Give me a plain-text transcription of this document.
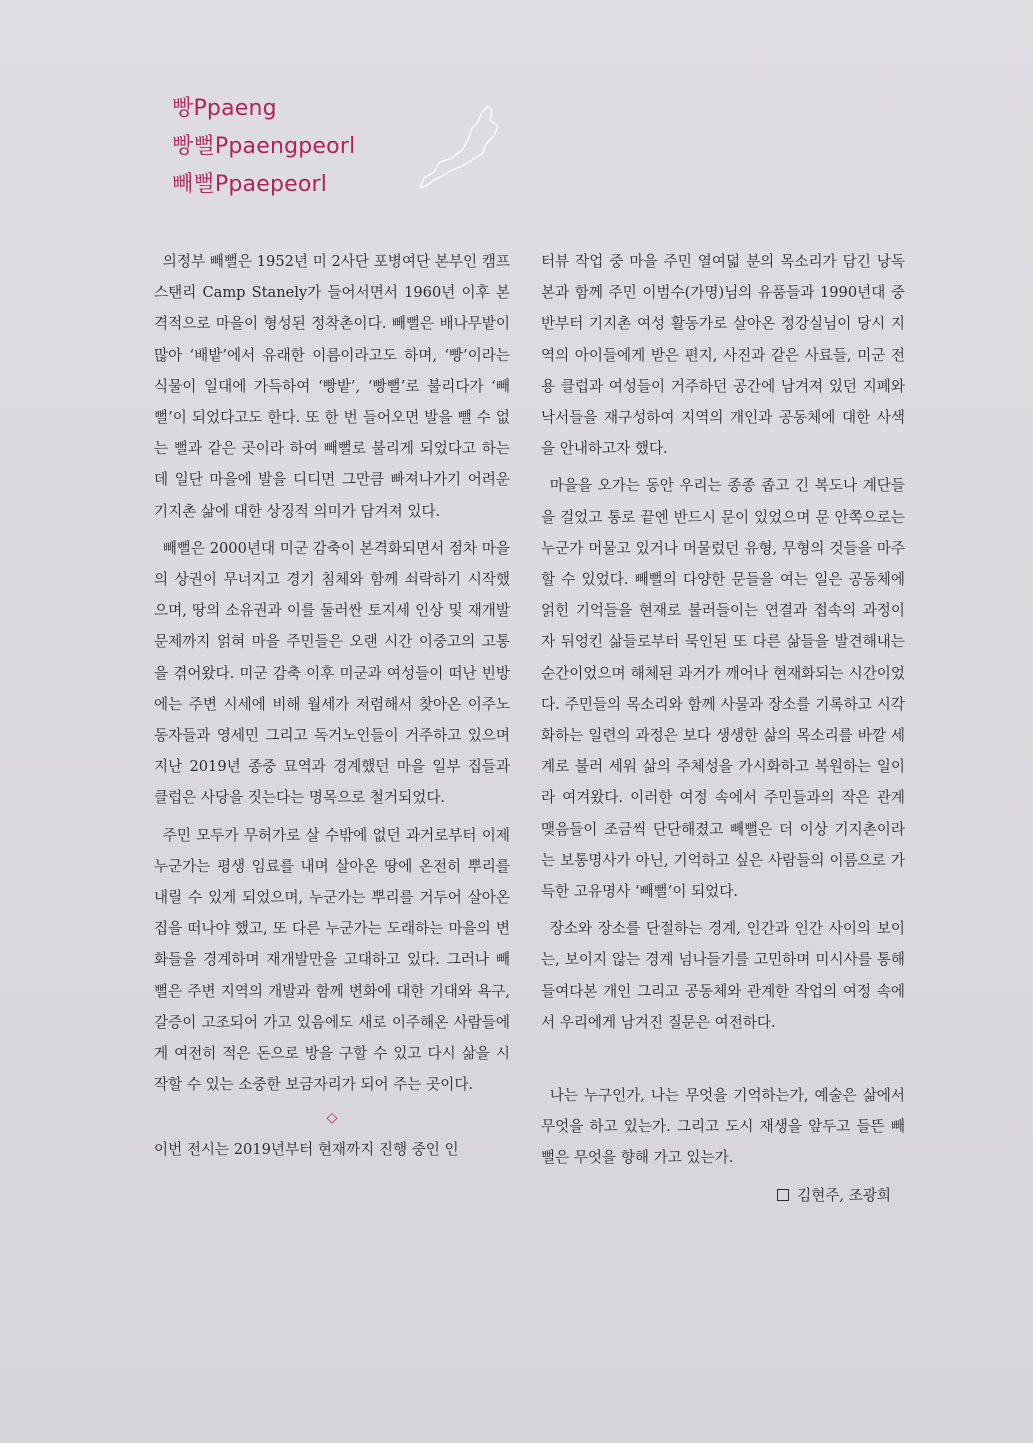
빵Ppaeng
빵뻘Ppaengpeorl
빼뻘Ppaepeorl

의정부 빼뻘은 1952년 미 2사단 포병여단 본부인 캠프 스탠리 Camp Stanely가 들어서면서 1960년 이후 본격적으로 마을이 형성된 정착촌이다. 빼뻘은 배나무밭이 많아 ‘배밭’에서 유래한 이름이라고도 하며, ‘빵’이라는 식물이 일대에 가득하여 ‘빵밭’, ‘빵뻘’로 불리다가 ‘빼뻘’이 되었다고도 한다. 또 한 번 들어오면 발을 뺄 수 없는 뻘과 같은 곳이라 하여 빼뻘로 불리게 되었다고 하는데 일단 마을에 발을 디디면 그만큼 빠져나가기 어려운 기지촌 삶에 대한 상징적 의미가 담겨져 있다.

빼뻘은 2000년대 미군 감축이 본격화되면서 점차 마을의 상권이 무너지고 경기 침체와 함께 쇠락하기 시작했으며, 땅의 소유권과 이를 둘러싼 토지세 인상 및 재개발 문제까지 얽혀 마을 주민들은 오랜 시간 이중고의 고통을 겪어왔다. 미군 감축 이후 미군과 여성들이 떠난 빈방에는 주변 시세에 비해 월세가 저렴해서 찾아온 이주노동자들과 영세민 그리고 독거노인들이 거주하고 있으며 지난 2019년 종중 묘역과 경계했던 마을 일부 집들과 클럽은 사당을 짓는다는 명목으로 철거되었다.

주민 모두가 무허가로 살 수밖에 없던 과거로부터 이제 누군가는 평생 임료를 내며 살아온 땅에 온전히 뿌리를 내릴 수 있게 되었으며, 누군가는 뿌리를 거두어 살아온 집을 떠나야 했고, 또 다른 누군가는 도래하는 마을의 변화들을 경계하며 재개발만을 고대하고 있다. 그러나 빼뻘은 주변 지역의 개발과 함께 변화에 대한 기대와 욕구, 갈증이 고조되어 가고 있음에도 새로 이주해온 사람들에게 여전히 적은 돈으로 방을 구할 수 있고 다시 삶을 시작할 수 있는 소중한 보금자리가 되어 주는 곳이다.

◇

이번 전시는 2019년부터 현재까지 진행 중인 인

터뷰 작업 중 마을 주민 열여덟 분의 목소리가 담긴 낭독본과 함께 주민 이범수(가명)님의 유품들과 1990년대 중반부터 기지촌 여성 활동가로 살아온 정강실님이 당시 지역의 아이들에게 받은 편지, 사진과 같은 사료들, 미군 전용 클럽과 여성들이 거주하던 공간에 남겨져 있던 지폐와 낙서들을 재구성하여 지역의 개인과 공동체에 대한 사색을 안내하고자 했다.

마을을 오가는 동안 우리는 종종 좁고 긴 복도나 계단들을 걸었고 통로 끝엔 반드시 문이 있었으며 문 안쪽으로는 누군가 머물고 있거나 머물렀던 유형, 무형의 것들을 마주 할 수 있었다. 빼뻘의 다양한 문들을 여는 일은 공동체에 얽힌 기억들을 현재로 불러들이는 연결과 접속의 과정이자 뒤엉킨 삶들로부터 묵인된 또 다른 삶들을 발견해내는 순간이었으며 해체된 과거가 깨어나 현재화되는 시간이었다. 주민들의 목소리와 함께 사물과 장소를 기록하고 시각화하는 일련의 과정은 보다 생생한 삶의 목소리를 바깥 세계로 불러 세워 삶의 주체성을 가시화하고 복원하는 일이라 여겨왔다. 이러한 여정 속에서 주민들과의 작은 관계 맺음들이 조금씩 단단해졌고 빼뻘은 더 이상 기지촌이라는 보통명사가 아닌, 기억하고 싶은 사람들의 이름으로 가득한 고유명사 ‘빼뻘’이 되었다.

장소와 장소를 단절하는 경계, 인간과 인간 사이의 보이는, 보이지 않는 경계 넘나들기를 고민하며 미시사를 통해 들여다본 개인 그리고 공동체와 관계한 작업의 여정 속에서 우리에게 남겨진 질문은 여전하다.

나는 누구인가, 나는 무엇을 기억하는가, 예술은 삶에서 무엇을 하고 있는가. 그리고 도시 재생을 앞두고 들뜬 빼뻘은 무엇을 향해 가고 있는가.

김현주, 조광희
